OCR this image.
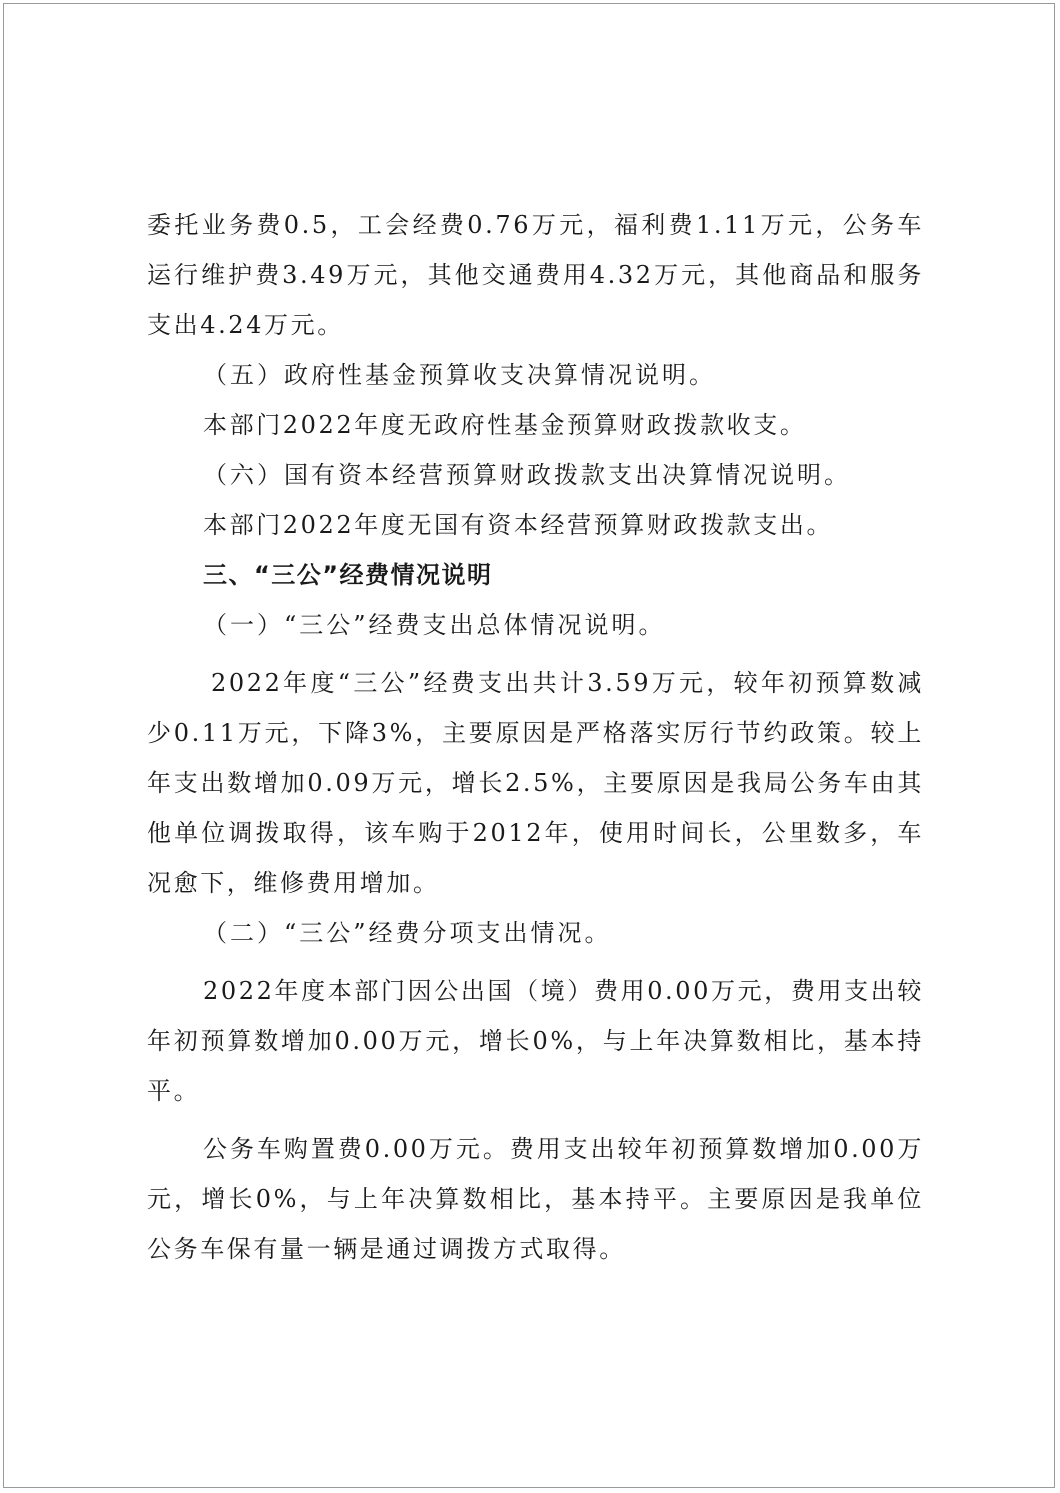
委托业务费0.5，工会经费0.76万元，福利费1.11万元，公务车运行维护费3.49万元，其他交通费用4.32万元，其他商品和服务支出4.24万元。

（五）政府性基金预算收支决算情况说明。

本部门2022年度无政府性基金预算财政拨款收支。

（六）国有资本经营预算财政拨款支出决算情况说明。

本部门2022年度无国有资本经营预算财政拨款支出。

三、“三公”经费情况说明

（一）“三公”经费支出总体情况说明。

2022年度“三公”经费支出共计3.59万元，较年初预算数减少0.11万元，下降3%，主要原因是严格落实厉行节约政策。较上年支出数增加0.09万元，增长2.5%，主要原因是我局公务车由其他单位调拨取得，该车购于2012年，使用时间长，公里数多，车况愈下，维修费用增加。

（二）“三公”经费分项支出情况。

2022年度本部门因公出国（境）费用0.00万元，费用支出较年初预算数增加0.00万元，增长0%，与上年决算数相比，基本持平。

公务车购置费0.00万元。费用支出较年初预算数增加0.00万元，增长0%，与上年决算数相比，基本持平。主要原因是我单位公务车保有量一辆是通过调拨方式取得。
